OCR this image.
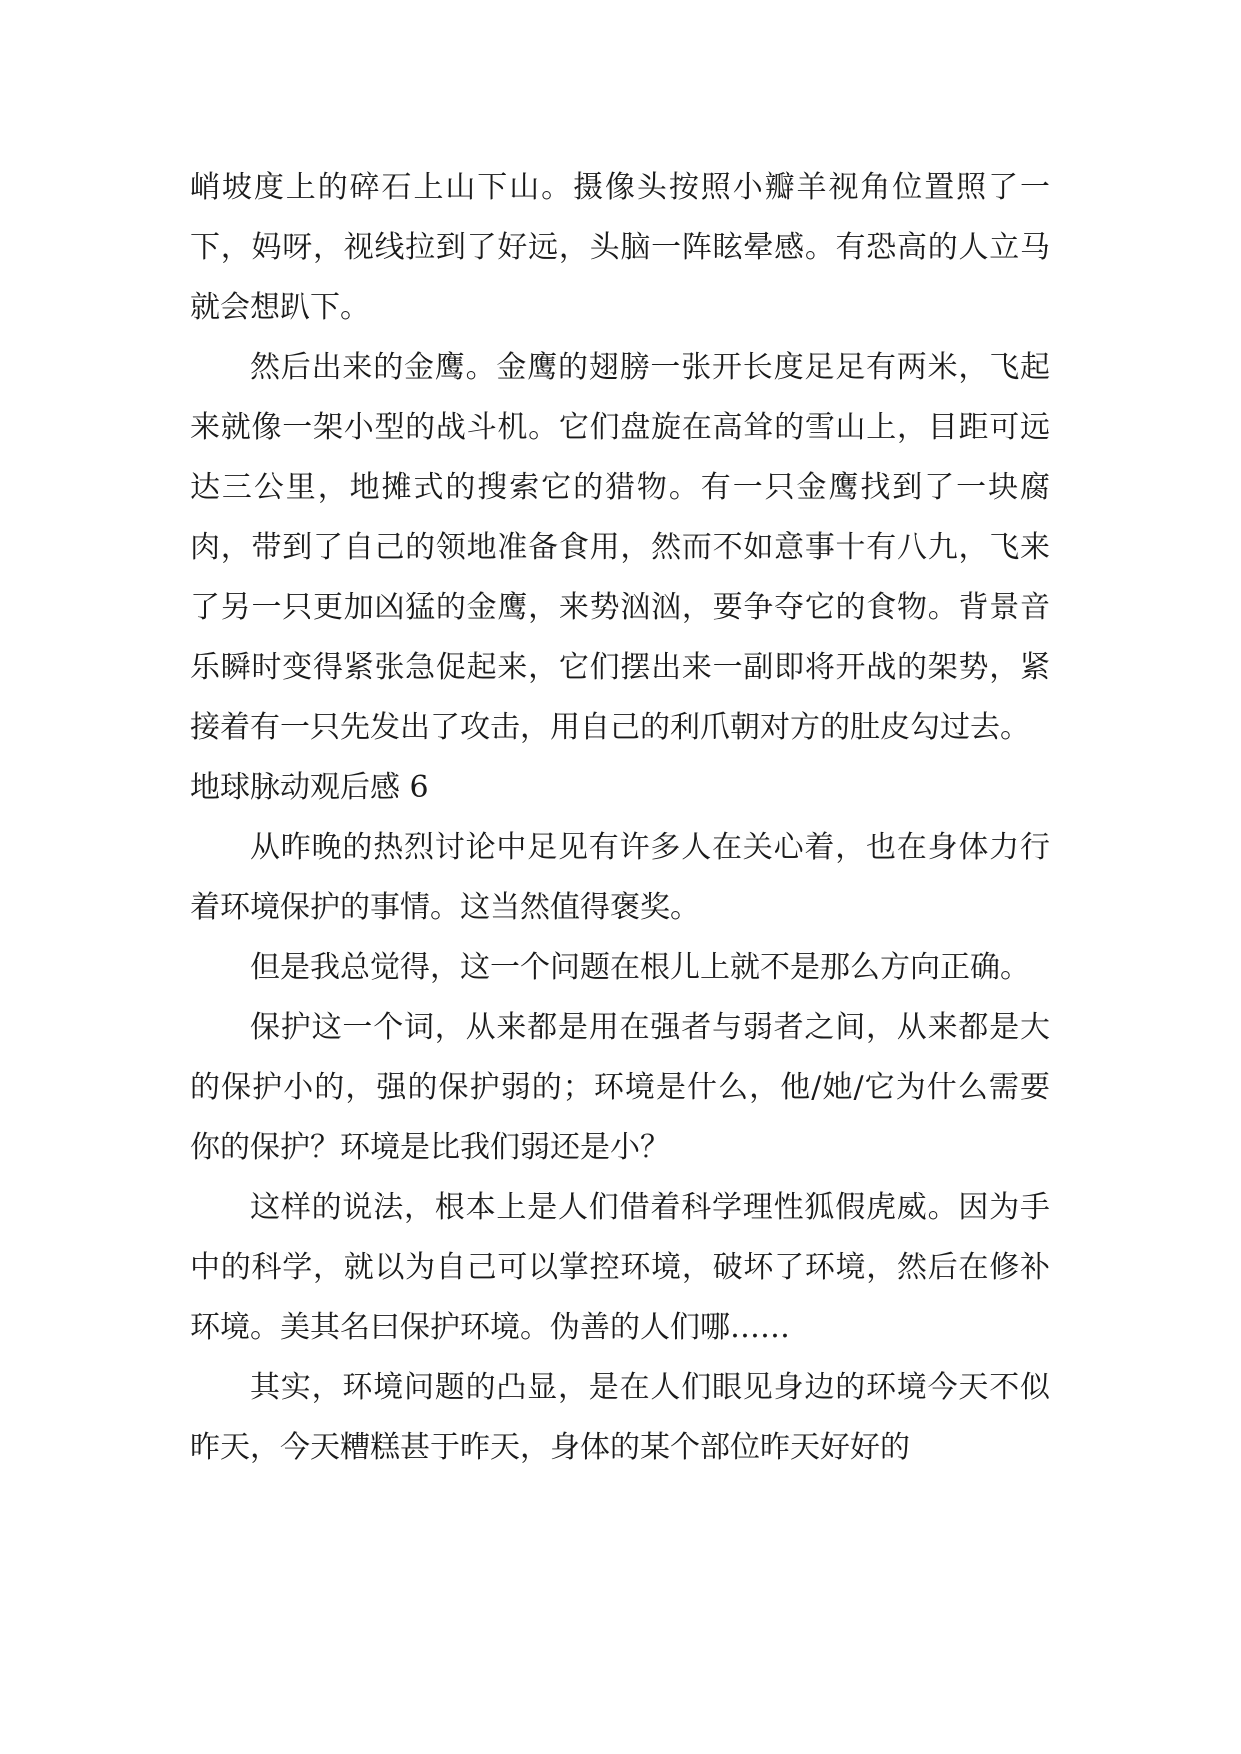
峭坡度上的碎石上山下山。摄像头按照小瓣羊视角位置照了一下，妈呀，视线拉到了好远，头脑一阵眩晕感。有恐高的人立马就会想趴下。

然后出来的金鹰。金鹰的翅膀一张开长度足足有两米，飞起来就像一架小型的战斗机。它们盘旋在高耸的雪山上，目距可远达三公里，地摊式的搜索它的猎物。有一只金鹰找到了一块腐肉，带到了自己的领地准备食用，然而不如意事十有八九，飞来了另一只更加凶猛的金鹰，来势汹汹，要争夺它的食物。背景音乐瞬时变得紧张急促起来，它们摆出来一副即将开战的架势，紧接着有一只先发出了攻击，用自己的利爪朝对方的肚皮勾过去。

地球脉动观后感 6

从昨晚的热烈讨论中足见有许多人在关心着，也在身体力行着环境保护的事情。这当然值得褒奖。

但是我总觉得，这一个问题在根儿上就不是那么方向正确。

保护这一个词，从来都是用在强者与弱者之间，从来都是大的保护小的，强的保护弱的；环境是什么，他/她/它为什么需要你的保护？环境是比我们弱还是小？

这样的说法，根本上是人们借着科学理性狐假虎威。因为手中的科学，就以为自己可以掌控环境，破坏了环境，然后在修补环境。美其名曰保护环境。伪善的人们哪……

其实，环境问题的凸显，是在人们眼见身边的环境今天不似昨天，今天糟糕甚于昨天，身体的某个部位昨天好好的
